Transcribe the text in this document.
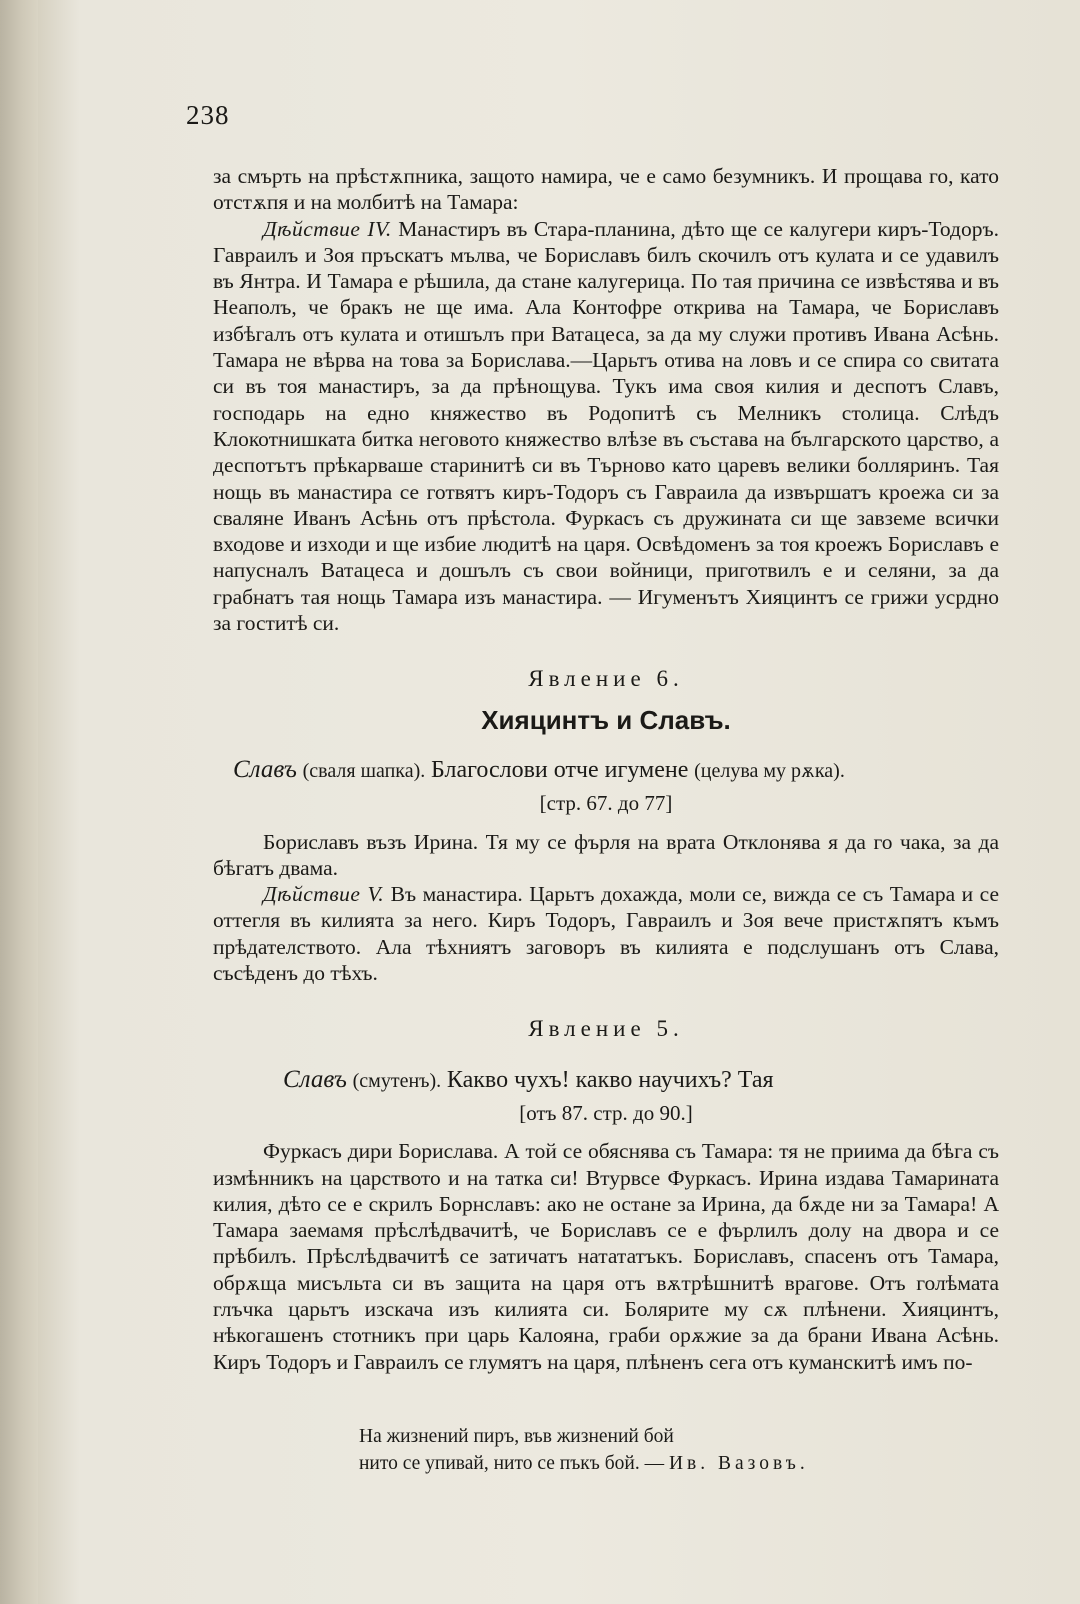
238

за смърть на прѣстѫпника, защото намира, че е само безумникъ. И прощава го, като отстѫпя и на молбитѣ на Тамара:

Дѣйствие IV. Манастиръ въ Стара-планина, дѣто ще се калугери киръ-Тодоръ. Гавраилъ и Зоя пръскатъ мълва, че Бориславъ билъ скочилъ отъ кулата и се удавилъ въ Янтра. И Тамара е рѣшила, да стане калугерица. По тая причина се извѣстява и въ Неаполъ, че бракъ не ще има. Ала Контофре открива на Тамара, че Бориславъ избѣгалъ отъ кулата и отишълъ при Ватацеса, за да му служи противъ Ивана Асѣнь. Тамара не вѣрва на това за Борислава.—Царьтъ отива на ловъ и се спира со свитата си въ тоя манастиръ, за да прѣнощува. Тукъ има своя килия и деспотъ Славъ, господарь на едно княжество въ Родопитѣ съ Мелникъ столица. Слѣдъ Клокотнишката битка неговото княжество влѣзе въ състава на българското царство, а деспотътъ прѣкарваше старинитѣ си въ Търново като царевъ велики болляринъ. Тая нощь въ манастира се готвятъ киръ-Тодоръ съ Гавраила да извършатъ кроежа си за сваляне Иванъ Асѣнь отъ прѣстола. Фуркасъ съ дружината си ще завземе всички входове и изходи и ще избие людитѣ на царя. Освѣдоменъ за тоя кроежъ Бориславъ е напусналъ Ватацеса и дошълъ съ свои войници, приготвилъ е и селяни, за да грабнатъ тая нощь Тамара изъ манастира. — Игуменътъ Хияцинтъ се грижи усрдно за гоститѣ си.

Явление 6.

Хияцинтъ и Славъ.

Славъ (сваля шапка). Благослови отче игумене (целува му рѫка).

[стр. 67. до 77]

Бориславъ възъ Ирина. Тя му се фърля на врата Отклонява я да го чака, за да бѣгатъ двама.

Дѣйствие V. Въ манастира. Царьтъ дохажда, моли се, вижда се съ Тамара и се оттегля въ килията за него. Киръ Тодоръ, Гавраилъ и Зоя вече пристѫпятъ къмъ прѣдателството. Ала тѣхниятъ заговоръ въ килията е подслушанъ отъ Слава, съсѣденъ до тѣхъ.

Явление 5.

Славъ (смутенъ). Какво чухъ! какво научихъ? Тая

[отъ 87. стр. до 90.]

Фуркасъ дири Борислава. А той се обяснява съ Тамара: тя не приима да бѣга съ измѣнникъ на царството и на татка си! Втурвсе Фуркасъ. Ирина издава Тамарината килия, дѣто се е скрилъ Борнславъ: ако не остане за Ирина, да бѫде ни за Тамара! А Тамара заемамя прѣслѣдвачитѣ, че Бориславъ се е фърлилъ долу на двора и се прѣбилъ. Прѣслѣдвачитѣ се затичатъ натататъкъ. Бориславъ, спасенъ отъ Тамара, обрѫща мисъльта си въ защита на царя отъ вѫтрѣшнитѣ врагове. Отъ голѣмата глъчка царьтъ изскача изъ килията си. Болярите му сѫ плѣнени. Хияцинтъ, нѣкогашенъ стотникъ при царь Калояна, граби орѫжие за да брани Ивана Асѣнь. Киръ Тодоръ и Гавраилъ се глумятъ на царя, плѣненъ сега отъ куманскитѣ имъ по-

На жизнений пиръ, във жизнений бой
нито се упивай, нито се пъкъ бой. — Ив. Вазовъ.
